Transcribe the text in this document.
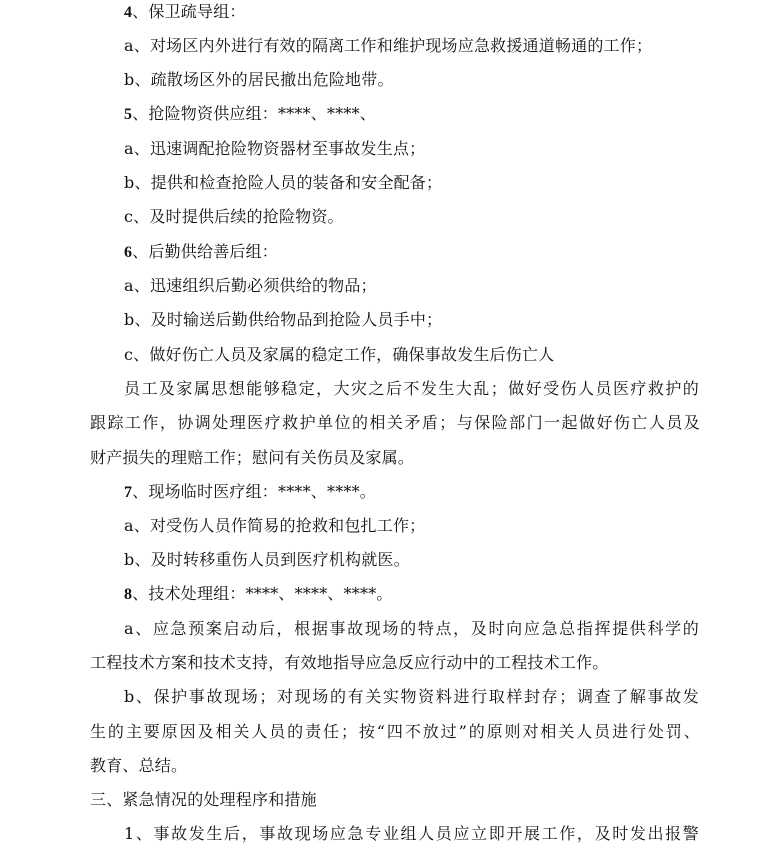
4、保卫疏导组：
a、对场区内外进行有效的隔离工作和维护现场应急救援通道畅通的工作；
b、疏散场区外的居民撤出危险地带。
5、抢险物资供应组：****、****、
a、迅速调配抢险物资器材至事故发生点；
b、提供和检查抢险人员的装备和安全配备；
c、及时提供后续的抢险物资。
6、后勤供给善后组：
a、迅速组织后勤必须供给的物品；
b、及时输送后勤供给物品到抢险人员手中；
c、做好伤亡人员及家属的稳定工作，确保事故发生后伤亡人
员工及家属思想能够稳定，大灾之后不发生大乱；做好受伤人员医疗救护的
跟踪工作，协调处理医疗救护单位的相关矛盾；与保险部门一起做好伤亡人员及
财产损失的理赔工作；慰问有关伤员及家属。
7、现场临时医疗组：****、****。
a、对受伤人员作简易的抢救和包扎工作；
b、及时转移重伤人员到医疗机构就医。
8、技术处理组：****、****、****。
a、应急预案启动后，根据事故现场的特点，及时向应急总指挥提供科学的
工程技术方案和技术支持，有效地指导应急反应行动中的工程技术工作。
b、保护事故现场；对现场的有关实物资料进行取样封存；调查了解事故发
生的主要原因及相关人员的责任；按“四不放过”的原则对相关人员进行处罚、
教育、总结。
三、紧急情况的处理程序和措施
1、事故发生后，事故现场应急专业组人员应立即开展工作，及时发出报警
